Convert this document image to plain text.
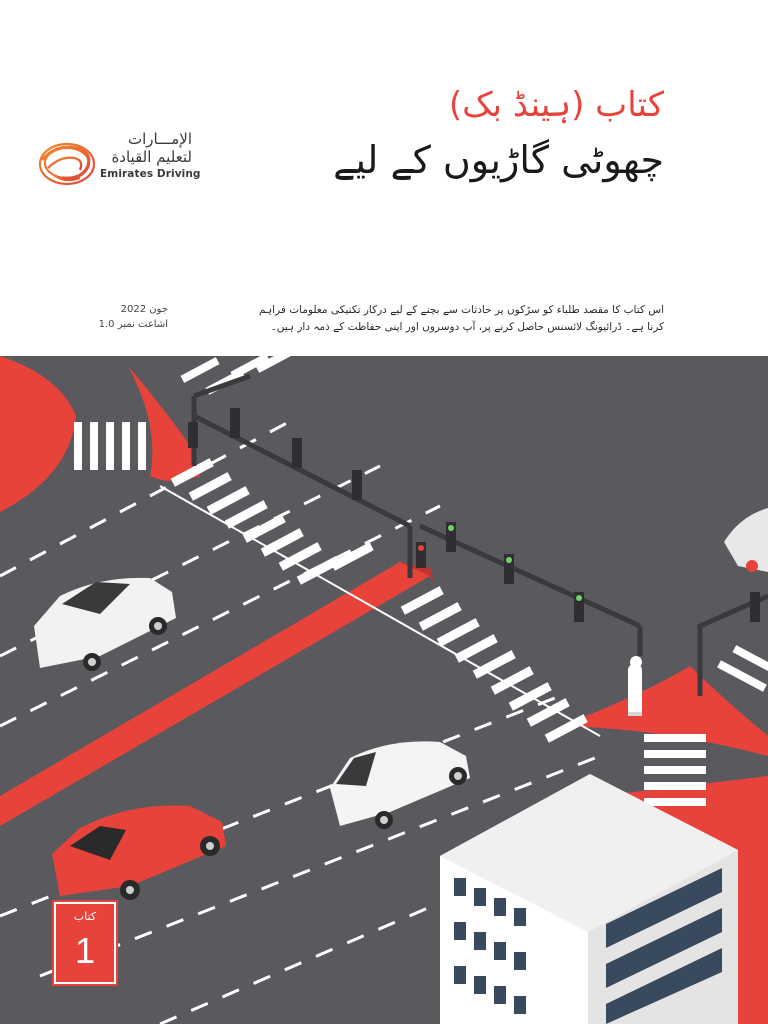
الإمـــارات
لتعليم القيادة
Emirates Driving
کتاب (ہینڈ بک)
چھوٹی گاڑیوں کے لیے
اس کتاب کا مقصد طلباء کو سڑکوں پر حادثات سے بچنے کے لیے درکار تکنیکی معلومات فراہم
کرنا ہے۔ ڈرائیونگ لائسنس حاصل کرنے پر، آپ دوسروں اور اپنی حفاظت کے ذمہ دار ہیں۔
جون 2022
اشاعت نمبر 1.0
کتاب
1
